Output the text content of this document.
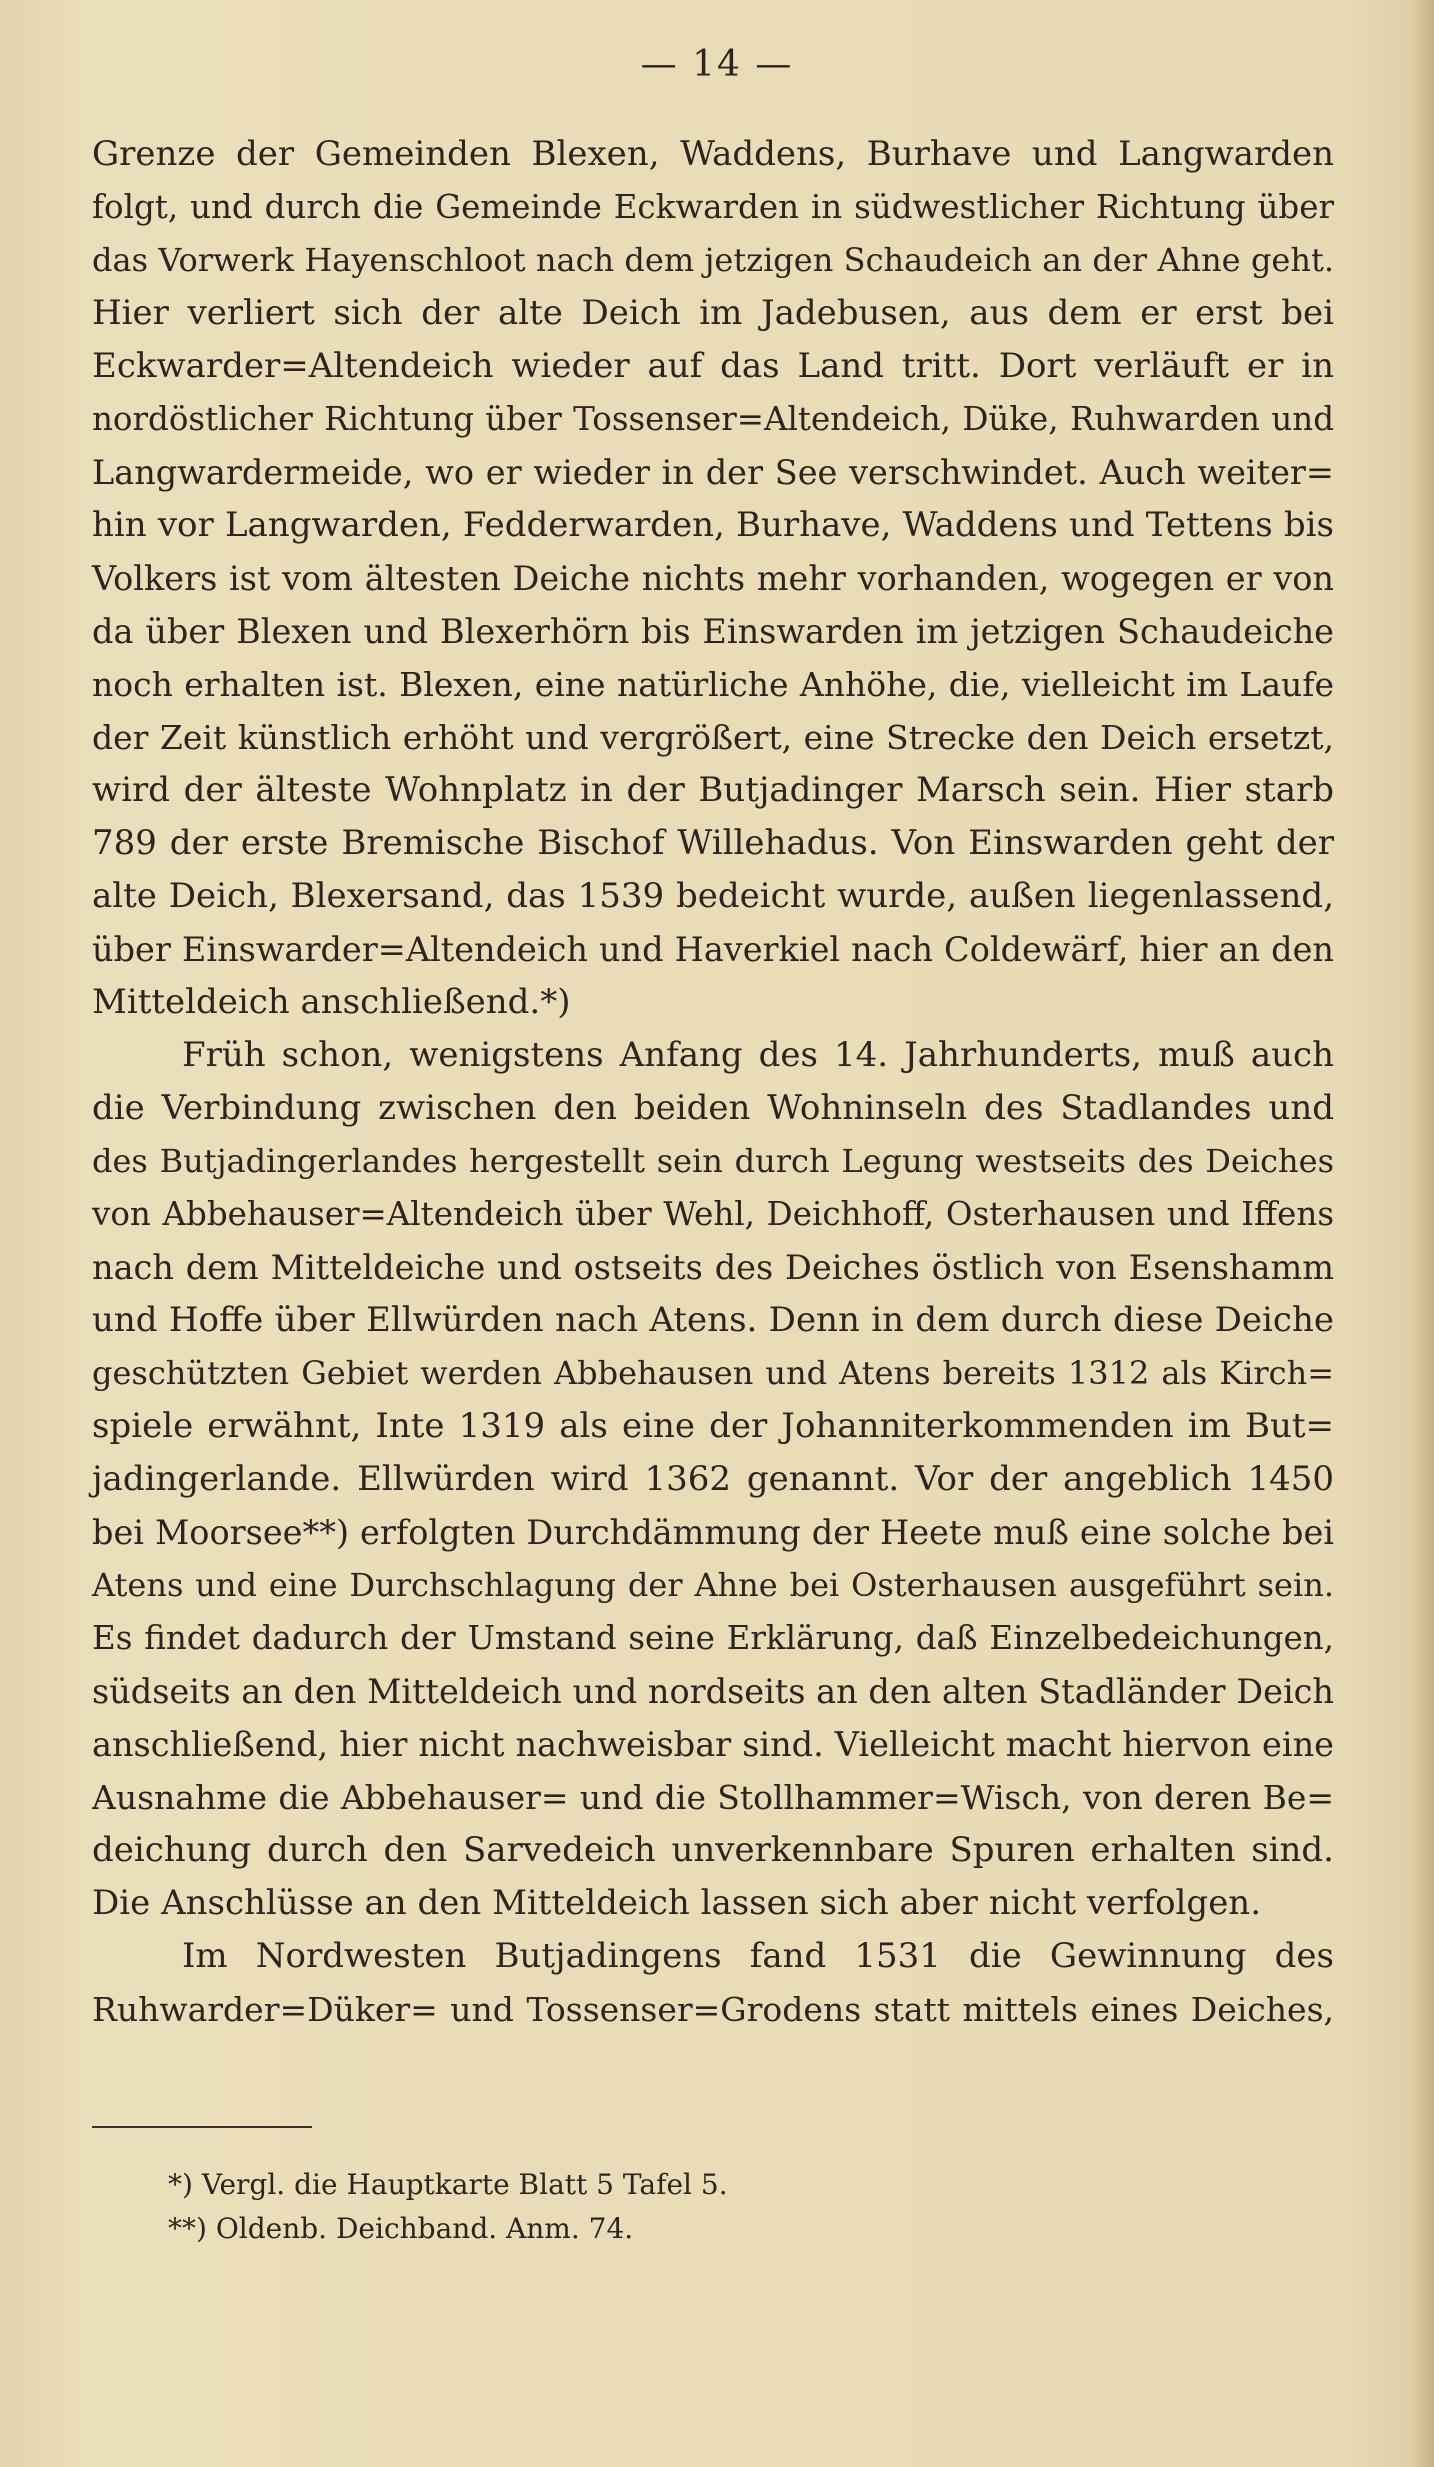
— 14 —
Grenze der Gemeinden Blexen, Waddens, Burhave und Langwarden
folgt, und durch die Gemeinde Eckwarden in südwestlicher Richtung über
das Vorwerk Hayenschloot nach dem jetzigen Schaudeich an der Ahne geht.
Hier verliert sich der alte Deich im Jadebusen, aus dem er erst bei
Eckwarder=Altendeich wieder auf das Land tritt. Dort verläuft er in
nordöstlicher Richtung über Tossenser=Altendeich, Düke, Ruhwarden und
Langwardermeide, wo er wieder in der See verschwindet. Auch weiter=
hin vor Langwarden, Fedderwarden, Burhave, Waddens und Tettens bis
Volkers ist vom ältesten Deiche nichts mehr vorhanden, wogegen er von
da über Blexen und Blexerhörn bis Einswarden im jetzigen Schaudeiche
noch erhalten ist. Blexen, eine natürliche Anhöhe, die, vielleicht im Laufe
der Zeit künstlich erhöht und vergrößert, eine Strecke den Deich ersetzt,
wird der älteste Wohnplatz in der Butjadinger Marsch sein. Hier starb
789 der erste Bremische Bischof Willehadus. Von Einswarden geht der
alte Deich, Blexersand, das 1539 bedeicht wurde, außen liegenlassend,
über Einswarder=Altendeich und Haverkiel nach Coldewärf, hier an den
Mitteldeich anschließend.*)
Früh schon, wenigstens Anfang des 14. Jahrhunderts, muß auch
die Verbindung zwischen den beiden Wohninseln des Stadlandes und
des Butjadingerlandes hergestellt sein durch Legung westseits des Deiches
von Abbehauser=Altendeich über Wehl, Deichhoff, Osterhausen und Iffens
nach dem Mitteldeiche und ostseits des Deiches östlich von Esenshamm
und Hoffe über Ellwürden nach Atens. Denn in dem durch diese Deiche
geschützten Gebiet werden Abbehausen und Atens bereits 1312 als Kirch=
spiele erwähnt, Inte 1319 als eine der Johanniterkommenden im But=
jadingerlande. Ellwürden wird 1362 genannt. Vor der angeblich 1450
bei Moorsee**) erfolgten Durchdämmung der Heete muß eine solche bei
Atens und eine Durchschlagung der Ahne bei Osterhausen ausgeführt sein.
Es findet dadurch der Umstand seine Erklärung, daß Einzelbedeichungen,
südseits an den Mitteldeich und nordseits an den alten Stadländer Deich
anschließend, hier nicht nachweisbar sind. Vielleicht macht hiervon eine
Ausnahme die Abbehauser= und die Stollhammer=Wisch, von deren Be=
deichung durch den Sarvedeich unverkennbare Spuren erhalten sind.
Die Anschlüsse an den Mitteldeich lassen sich aber nicht verfolgen.
Im Nordwesten Butjadingens fand 1531 die Gewinnung des
Ruhwarder=Düker= und Tossenser=Grodens statt mittels eines Deiches,
*) Vergl. die Hauptkarte Blatt 5 Tafel 5.
**) Oldenb. Deichband. Anm. 74.
